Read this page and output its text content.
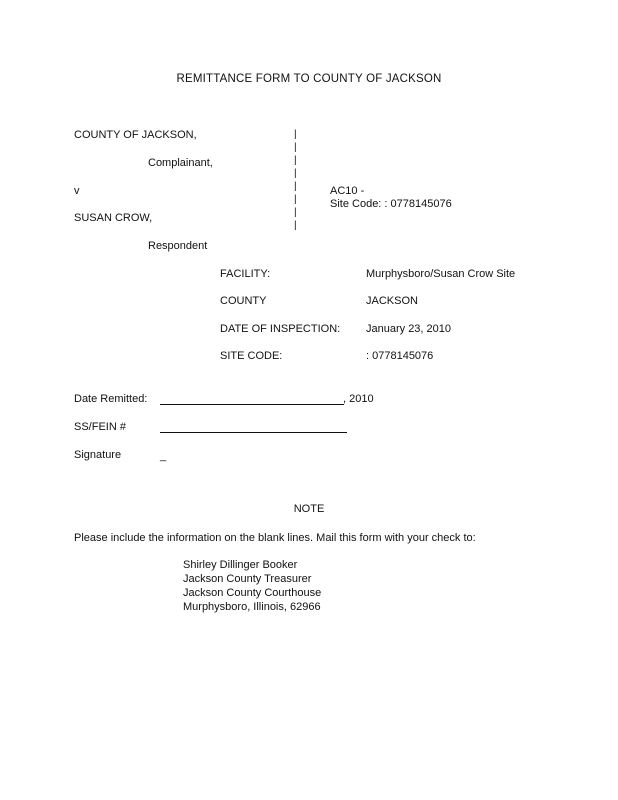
REMITTANCE FORM TO COUNTY OF JACKSON
COUNTY OF JACKSON,
Complainant,
v
SUSAN CROW,
Respondent
|
|
|
|
|
|
|
|
AC10 -
Site Code: : 0778145076
FACILITY:	Murphysboro/Susan Crow Site
COUNTY	JACKSON
DATE OF INSPECTION: January 23, 2010
SITE CODE:	: 0778145076
Date Remitted:	, 2010
SS/FEIN #
Signature	_
NOTE
Please include the information on the blank lines. Mail this form with your check to:
Shirley Dillinger Booker
Jackson County Treasurer
Jackson County Courthouse
Murphysboro, Illinois, 62966
